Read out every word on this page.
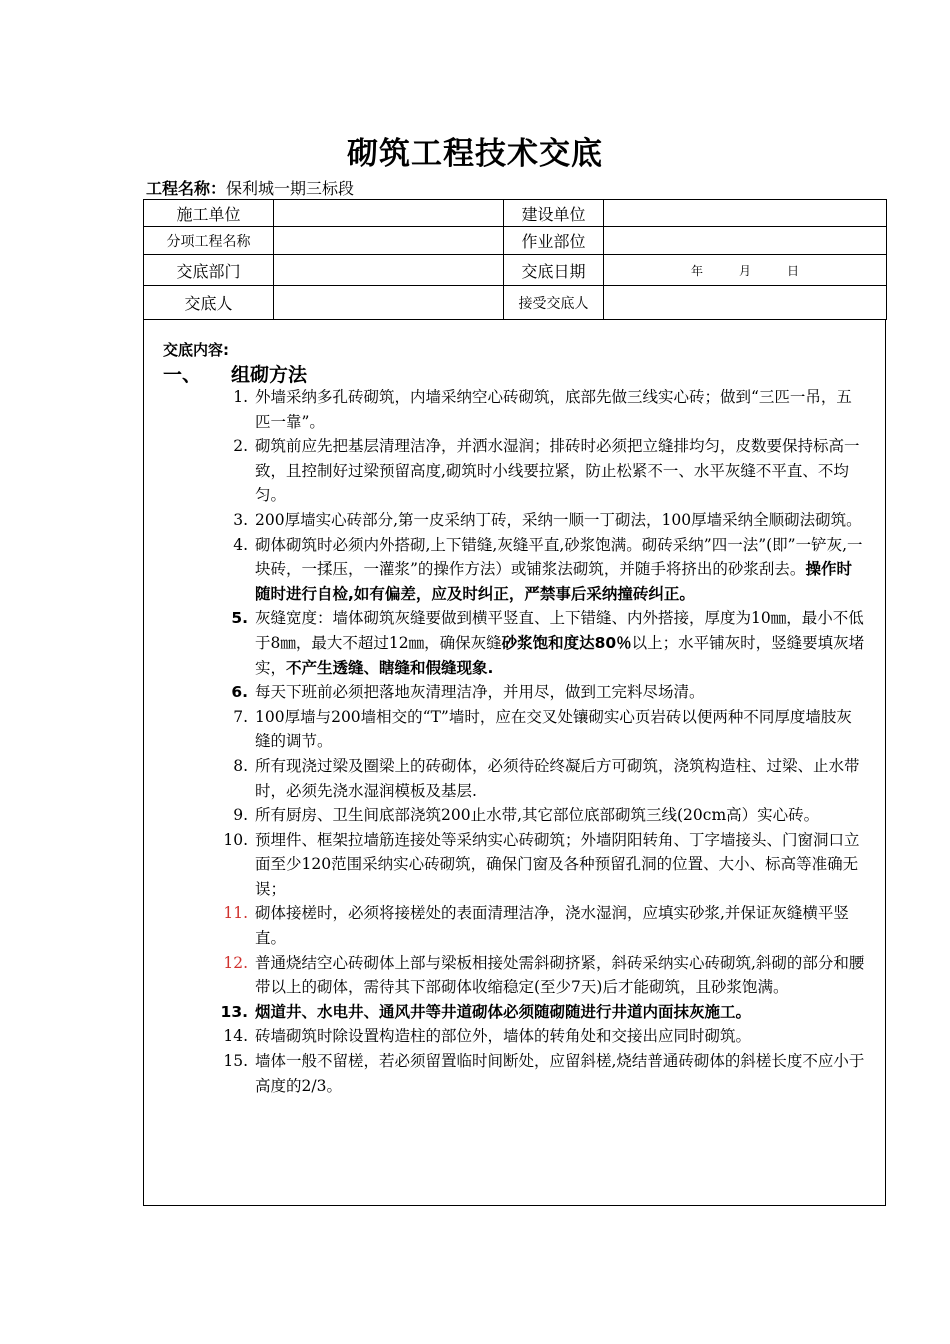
砌筑工程技术交底
工程名称：保利城一期三标段
施工单位		建设单位	
分项工程名称		作业部位	
交底部门		交底日期	年　　　月　　　日
交底人		接受交底人	
交底内容:
一、 组砌方法
1. 外墙采纳多孔砖砌筑，内墙采纳空心砖砌筑，底部先做三线实心砖；做到“三匹一吊，五匹一靠”。
2. 砌筑前应先把基层清理洁净，并洒水湿润；排砖时必须把立缝排均匀，皮数要保持标高一致，且控制好过梁预留高度,砌筑时小线要拉紧，防止松紧不一、水平灰缝不平直、不均匀。
3. 200厚墙实心砖部分,第一皮采纳丁砖，采纳一顺一丁砌法，100厚墙采纳全顺砌法砌筑。
4. 砌体砌筑时必须内外搭砌,上下错缝,灰缝平直,砂浆饱满。砌砖采纳”四一法”(即”一铲灰,一块砖，一揉压，一灌浆”的操作方法）或铺浆法砌筑，并随手将挤出的砂浆刮去。操作时随时进行自检,如有偏差，应及时纠正，严禁事后采纳撞砖纠正。
5. 灰缝宽度：墙体砌筑灰缝要做到横平竖直、上下错缝、内外搭接，厚度为10㎜，最小不低于8㎜，最大不超过12㎜，确保灰缝砂浆饱和度达80％以上；水平铺灰时，竖缝要填灰堵实，不产生透缝、瞎缝和假缝现象.
6. 每天下班前必须把落地灰清理洁净，并用尽，做到工完料尽场清。
7. 100厚墙与200墙相交的“T”墙时，应在交叉处镶砌实心页岩砖以便两种不同厚度墙肢灰缝的调节。
8. 所有现浇过梁及圈梁上的砖砌体，必须待砼终凝后方可砌筑，浇筑构造柱、过梁、止水带时，必须先浇水湿润模板及基层.
9. 所有厨房、卫生间底部浇筑200止水带,其它部位底部砌筑三线(20cm高）实心砖。
10. 预埋件、框架拉墙筋连接处等采纳实心砖砌筑；外墙阴阳转角、丁字墙接头、门窗洞口立面至少120范围采纳实心砖砌筑，确保门窗及各种预留孔洞的位置、大小、标高等准确无误；
11. 砌体接槎时，必须将接槎处的表面清理洁净，浇水湿润，应填实砂浆,并保证灰缝横平竖直。
12. 普通烧结空心砖砌体上部与梁板相接处需斜砌挤紧，斜砖采纳实心砖砌筑,斜砌的部分和腰带以上的砌体，需待其下部砌体收缩稳定(至少7天)后才能砌筑，且砂浆饱满。
13. 烟道井、水电井、通风井等井道砌体必须随砌随进行井道内面抹灰施工。
14. 砖墙砌筑时除设置构造柱的部位外，墙体的转角处和交接出应同时砌筑。
15. 墙体一般不留槎，若必须留置临时间断处，应留斜槎,烧结普通砖砌体的斜槎长度不应小于高度的2/3。
